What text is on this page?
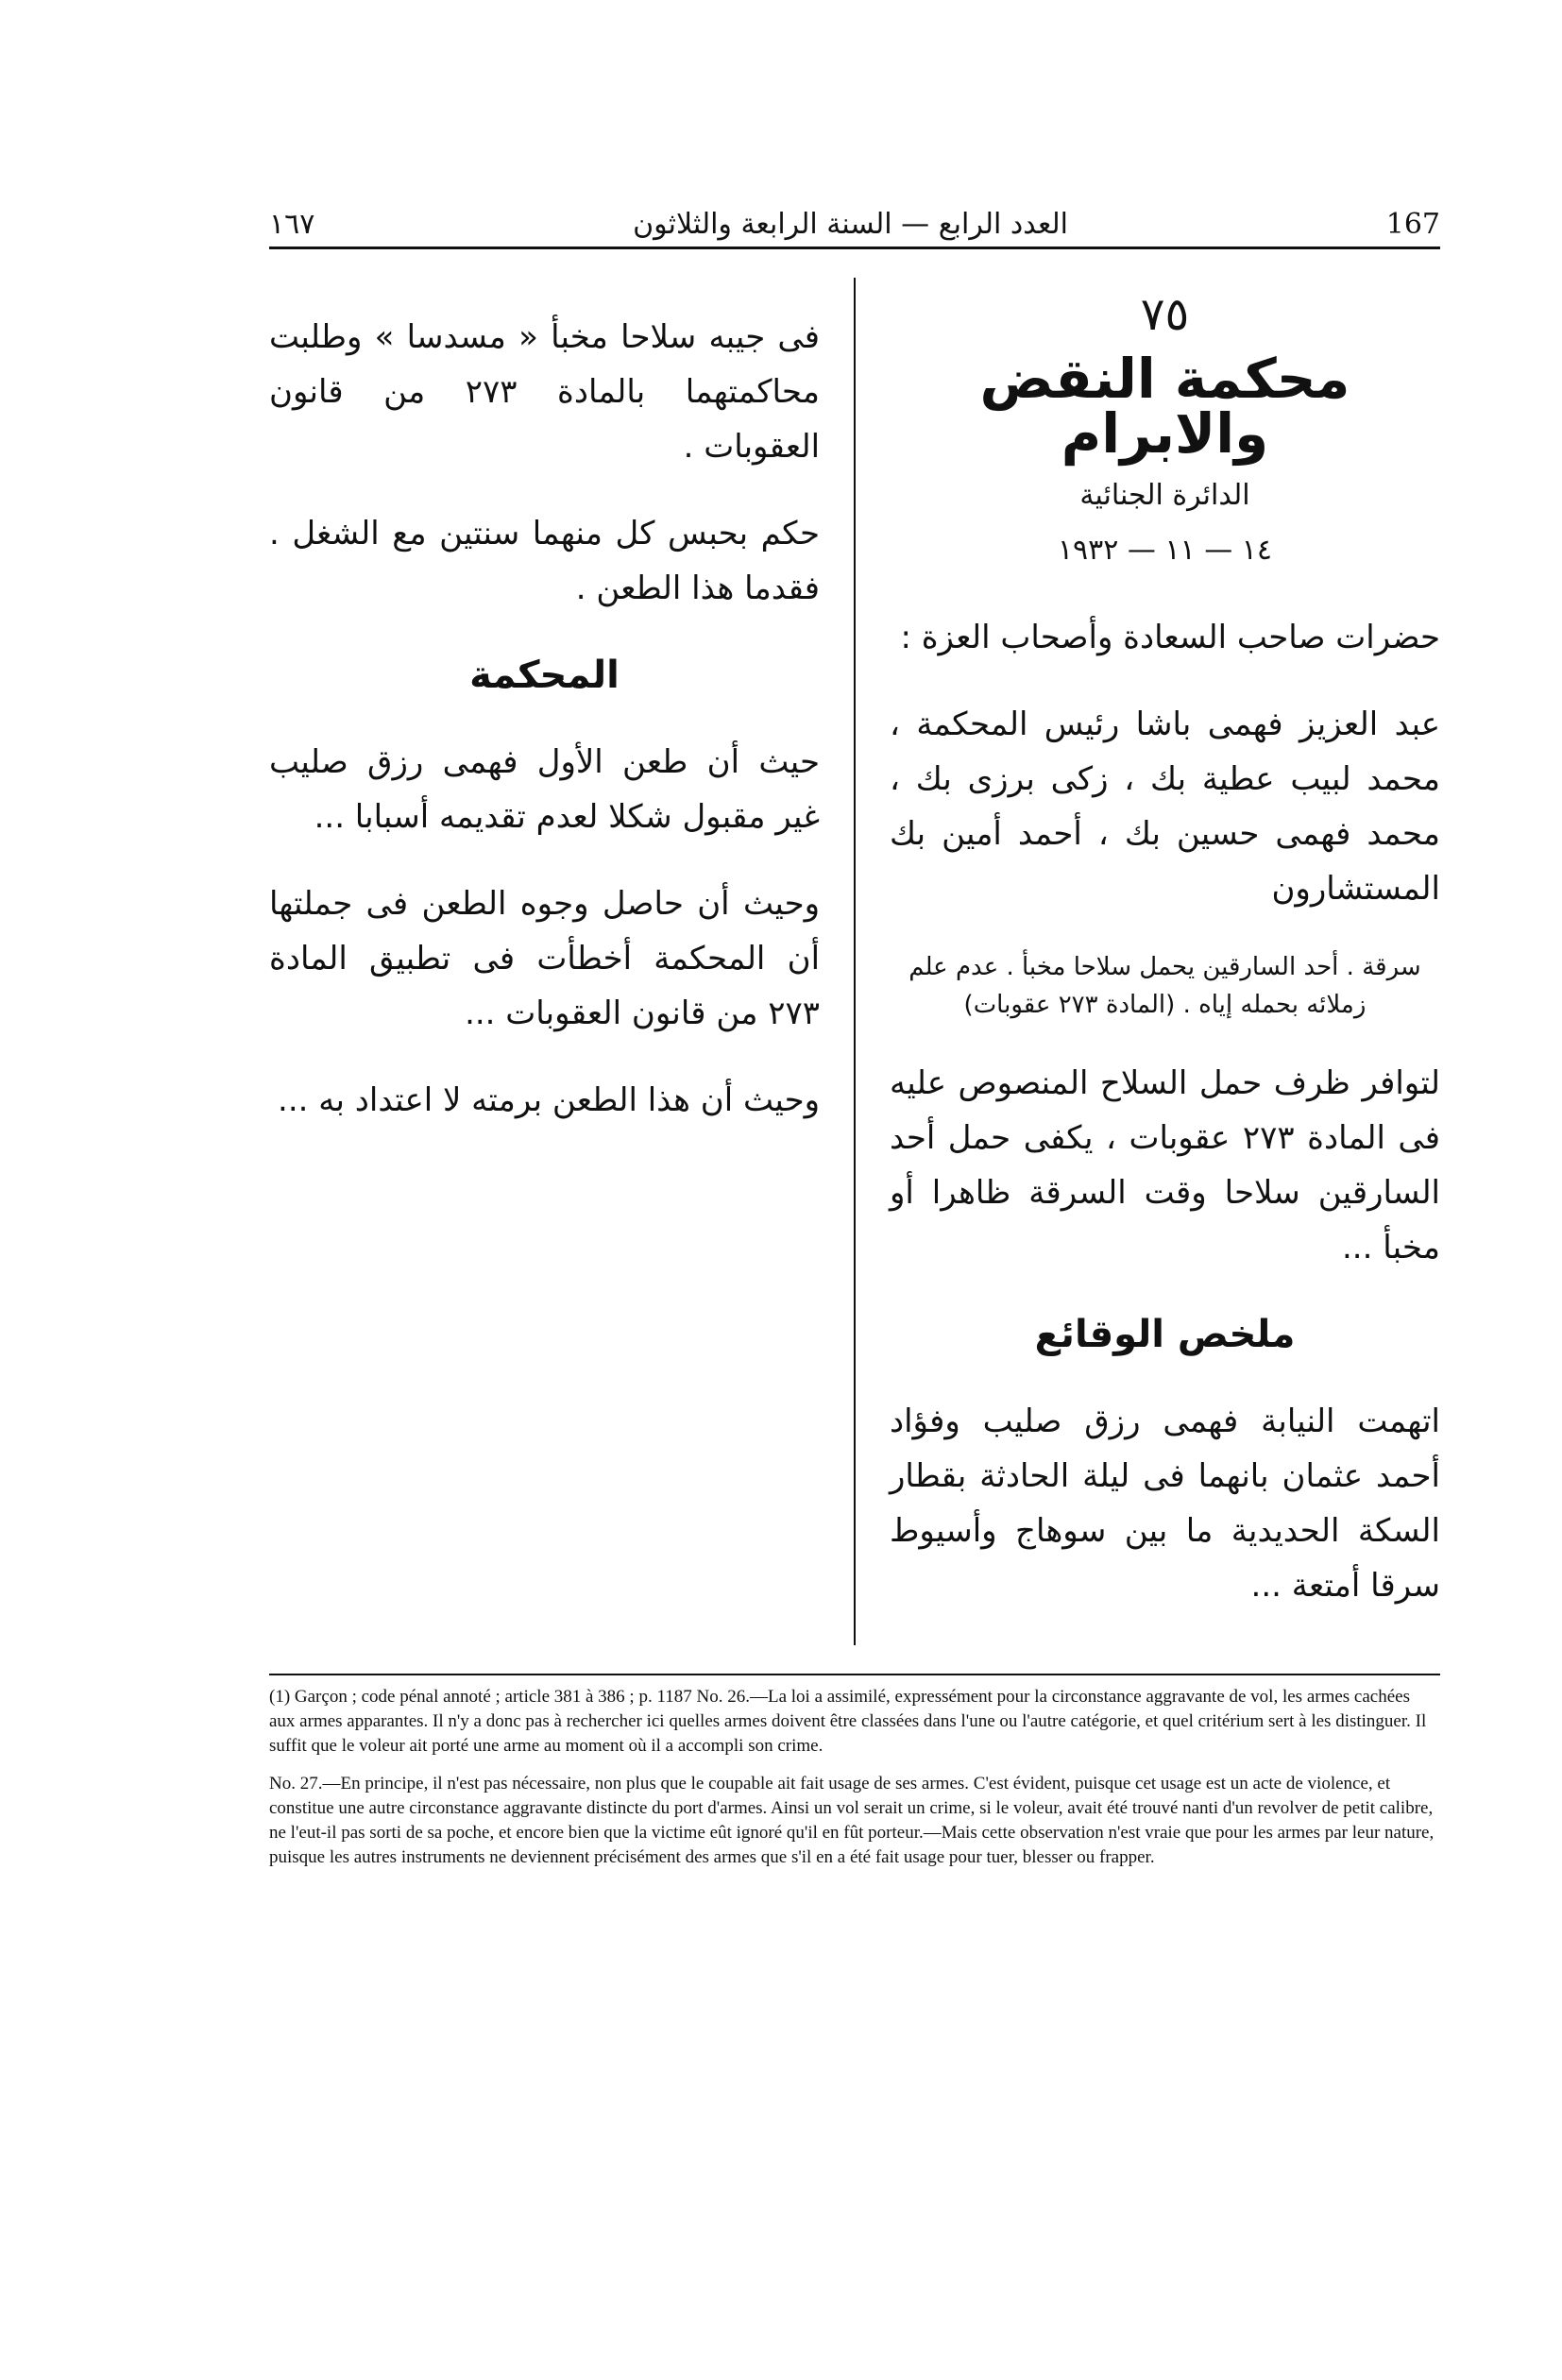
١٦٧	العدد الرابع — السنة الرابعة والثلاثون	167
٧٥
محكمة النقض والابرام
الدائرة الجنائية
١٤ — ١١ — ١٩٣٢

حضرات صاحب السعادة وأصحاب العزة :

عبد العزيز فهمى باشا رئيس المحكمة ، محمد لبيب عطية بك ، زكى برزى بك ، محمد فهمى حسين بك ، أحمد أمين بك المستشارون

سرقة . أحد السارقين يحمل سلاحا مخبأ . عدم علم زملائه بحمله إياه . (المادة ٢٧٣ عقوبات)

لتوافر ظرف حمل السلاح المنصوص عليه فى المادة ٢٧٣ عقوبات ، يكفى حمل أحد السارقين سلاحا وقت السرقة ظاهرا أو مخبأ ...

ملخص الوقائع

اتهمت النيابة فهمى رزق صليب وفؤاد أحمد عثمان بانهما فى ليلة الحادثة بقطار السكة الحديدية ما بين سوهاج وأسيوط سرقا أمتعة ...

فى جيبه سلاحا مخبأ « مسدسا » وطلبت محاكمتهما بالمادة ٢٧٣ من قانون العقوبات .

حكم بحبس كل منهما سنتين مع الشغل . فقدما هذا الطعن .

المحكمة

حيث أن طعن الأول فهمى رزق صليب غير مقبول شكلا لعدم تقديمه أسبابا ...

وحيث أن حاصل وجوه الطعن فى جملتها أن المحكمة أخطأت فى تطبيق المادة ٢٧٣ من قانون العقوبات ...

وحيث أن هذا الطعن برمته لا اعتداد به ...

(1) Garçon ; code pénal annoté ; article 381 à 386 ; p. 1187 No. 26.—La loi a assimilé, expressément pour la circonstance aggravante de vol, les armes cachées aux armes apparantes. Il n'y a donc pas à rechercher ici quelles armes doivent être classées dans l'une ou l'autre catégorie, et quel critérium sert à les distinguer. Il suffit que le voleur ait porté une arme au moment où il a accompli son crime.

No. 27.—En principe, il n'est pas nécessaire, non plus que le coupable ait fait usage de ses armes. C'est évident, puisque cet usage est un acte de violence, et constitue une autre circonstance aggravante distincte du port d'armes. Ainsi un vol serait un crime, si le voleur, avait été trouvé nanti d'un revolver de petit calibre, ne l'eut-il pas sorti de sa poche, et encore bien que la victime eût ignoré qu'il en fût porteur.—Mais cette observation n'est vraie que pour les armes par leur nature, puisque les autres instruments ne deviennent précisément des armes que s'il en a été fait usage pour tuer, blesser ou frapper.
